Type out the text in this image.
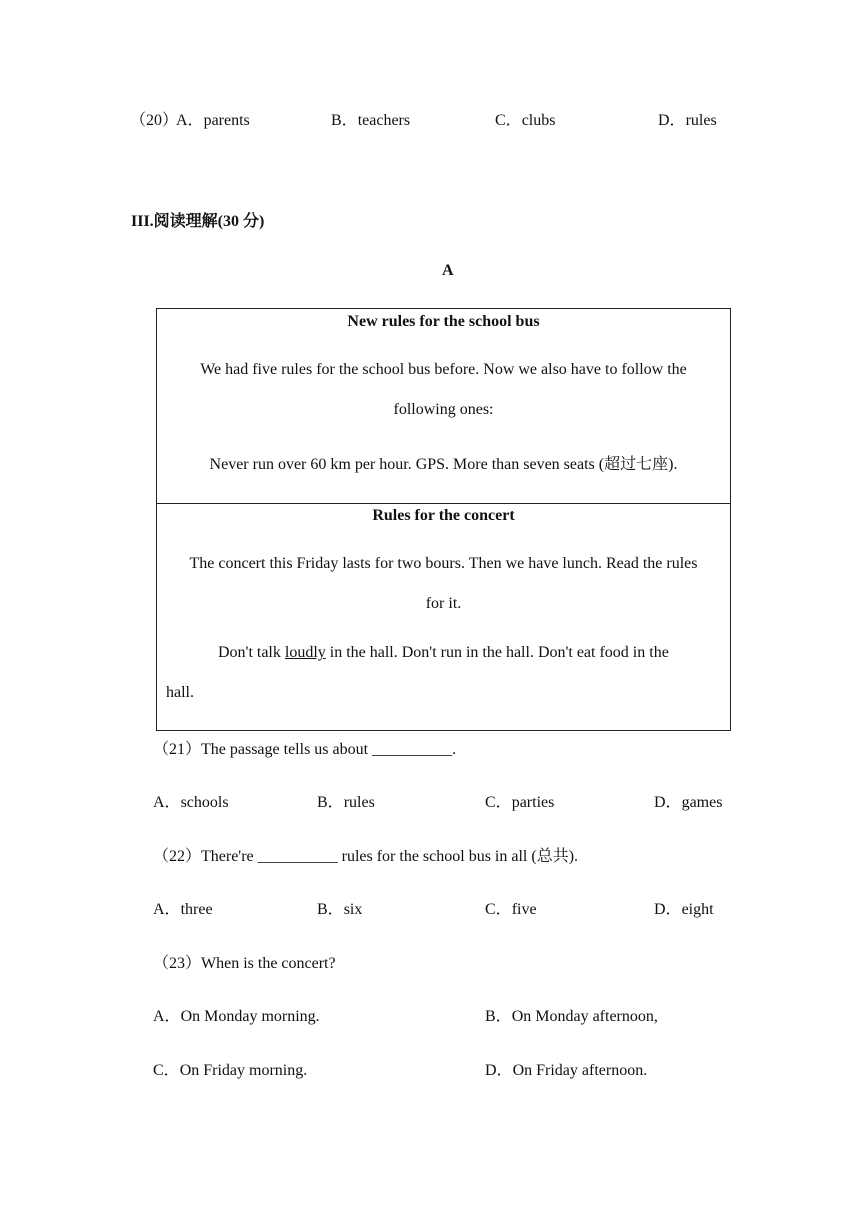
（20）
A．parents	B．teachers	C．clubs	D．rules
III.阅读理解(30 分)
A
New rules for the school bus
We had five rules for the school bus before. Now we also have to follow the
following ones:
Never run over 60 km per hour. GPS. More than seven seats (超过七座).
Rules for the concert
The concert this Friday lasts for two bours. Then we have lunch. Read the rules
for it.
Don't talk loudly in the hall. Don't run in the hall. Don't eat food in the
hall.
（21）The passage tells us about __________.
A．schools	B．rules	C．parties	D．games
（22）There're __________ rules for the school bus in all (总共).
A．three	B．six	C．five	D．eight
（23）When is the concert?
A．On Monday morning.	B．On Monday afternoon,
C．On Friday morning.	D．On Friday afternoon.
